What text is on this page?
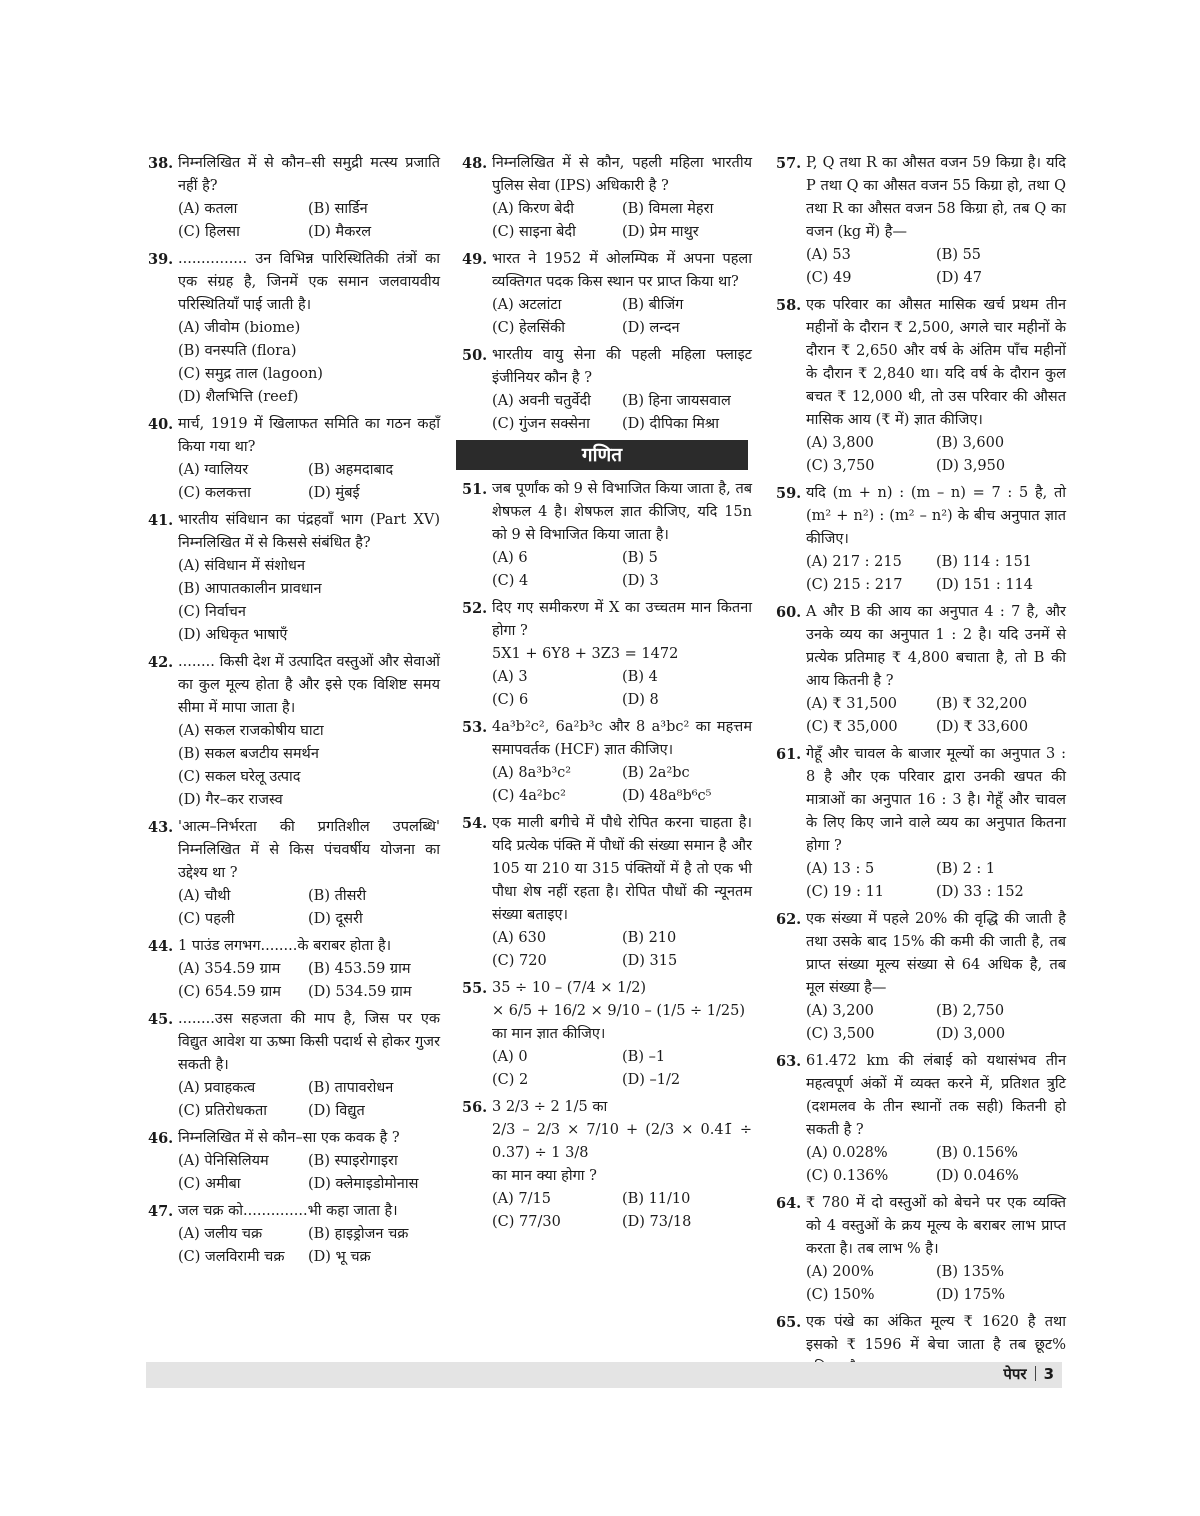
38. निम्नलिखित में से कौन–सी समुद्री मत्स्य प्रजाति नहीं है?
(A) कतला	(B) सार्डिन
(C) हिलसा	(D) मैकरल
39. ............... उन विभिन्न पारिस्थितिकी तंत्रों का एक संग्रह है, जिनमें एक समान जलवायवीय परिस्थितियाँ पाई जाती है।
(A) जीवोम (biome)
(B) वनस्पति (flora)
(C) समुद्र ताल (lagoon)
(D) शैलभित्ति (reef)
40. मार्च, 1919 में खिलाफत समिति का गठन कहाँ किया गया था?
(A) ग्वालियर	(B) अहमदाबाद
(C) कलकत्ता	(D) मुंबई
41. भारतीय संविधान का पंद्रहवाँ भाग (Part XV) निम्नलिखित में से किससे संबंधित है?
(A) संविधान में संशोधन
(B) आपातकालीन प्रावधान
(C) निर्वाचन
(D) अधिकृत भाषाएँ
42. ........ किसी देश में उत्पादित वस्तुओं और सेवाओं का कुल मूल्य होता है और इसे एक विशिष्ट समय सीमा में मापा जाता है।
(A) सकल राजकोषीय घाटा
(B) सकल बजटीय समर्थन
(C) सकल घरेलू उत्पाद
(D) गैर–कर राजस्व
43. 'आत्म–निर्भरता की प्रगतिशील उपलब्धि' निम्नलिखित में से किस पंचवर्षीय योजना का उद्देश्य था ?
(A) चौथी	(B) तीसरी
(C) पहली	(D) दूसरी
44. 1 पाउंड लगभग........के बराबर होता है।
(A) 354.59 ग्राम	(B) 453.59 ग्राम
(C) 654.59 ग्राम	(D) 534.59 ग्राम
45. ........उस सहजता की माप है, जिस पर एक विद्युत आवेश या ऊष्मा किसी पदार्थ से होकर गुजर सकती है।
(A) प्रवाहकत्व	(B) तापावरोधन
(C) प्रतिरोधकता	(D) विद्युत
46. निम्नलिखित में से कौन–सा एक कवक है ?
(A) पेनिसिलियम	(B) स्पाइरोगाइरा
(C) अमीबा	(D) क्लेमाइडोमोनास
47. जल चक्र को..............भी कहा जाता है।
(A) जलीय चक्र	(B) हाइड्रोजन चक्र
(C) जलविरामी चक्र	(D) भू चक्र
48. निम्नलिखित में से कौन, पहली महिला भारतीय पुलिस सेवा (IPS) अधिकारी है ?
(A) किरण बेदी	(B) विमला मेहरा
(C) साइना बेदी	(D) प्रेम माथुर
49. भारत ने 1952 में ओलम्पिक में अपना पहला व्यक्तिगत पदक किस स्थान पर प्राप्त किया था?
(A) अटलांटा	(B) बीजिंग
(C) हेलसिंकी	(D) लन्दन
50. भारतीय वायु सेना की पहली महिला फ्लाइट इंजीनियर कौन है ?
(A) अवनी चतुर्वेदी	(B) हिना जायसवाल
(C) गुंजन सक्सेना	(D) दीपिका मिश्रा
गणित
51. जब पूर्णांक को 9 से विभाजित किया जाता है, तब शेषफल 4 है। शेषफल ज्ञात कीजिए, यदि 15n को 9 से विभाजित किया जाता है।
(A) 6	(B) 5
(C) 4	(D) 3
52. दिए गए समीकरण में X का उच्चतम मान कितना होगा ?
5X1 + 6Y8 + 3Z3 = 1472
(A) 3	(B) 4
(C) 6	(D) 8
53. 4a³b²c², 6a²b³c और 8 a³bc² का महत्तम समापवर्तक (HCF) ज्ञात कीजिए।
(A) 8a³b³c²	(B) 2a²bc
(C) 4a²bc²	(D) 48a⁸b⁶c⁵
54. एक माली बगीचे में पौधे रोपित करना चाहता है। यदि प्रत्येक पंक्ति में पौधों की संख्या समान है और 105 या 210 या 315 पंक्तियों में है तो एक भी पौधा शेष नहीं रहता है। रोपित पौधों की न्यूनतम संख्या बताइए।
(A) 630	(B) 210
(C) 720	(D) 315
55. 35 ÷ 10 – (7/4 × 1/2)
× 6/5 + 16/2 × 9/10 – (1/5 ÷ 1/25)
का मान ज्ञात कीजिए।
(A) 0	(B) –1
(C) 2	(D) –1/2
56. 3 2/3 ÷ 2 1/5 का
2/3 – 2/3 × 7/10 + (2/3 × 0.41̄ ÷ 0.37̄) ÷ 1 3/8
का मान क्या होगा ?
(A) 7/15	(B) 11/10
(C) 77/30	(D) 73/18
57. P, Q तथा R का औसत वजन 59 किग्रा है। यदि P तथा Q का औसत वजन 55 किग्रा हो, तथा Q तथा R का औसत वजन 58 किग्रा हो, तब Q का वजन (kg में) है—
(A) 53	(B) 55
(C) 49	(D) 47
58. एक परिवार का औसत मासिक खर्च प्रथम तीन महीनों के दौरान ₹ 2,500, अगले चार महीनों के दौरान ₹ 2,650 और वर्ष के अंतिम पाँच महीनों के दौरान ₹ 2,840 था। यदि वर्ष के दौरान कुल बचत ₹ 12,000 थी, तो उस परिवार की औसत मासिक आय (₹ में) ज्ञात कीजिए।
(A) 3,800	(B) 3,600
(C) 3,750	(D) 3,950
59. यदि (m + n) : (m – n) = 7 : 5 है, तो (m² + n²) : (m² – n²) के बीच अनुपात ज्ञात कीजिए।
(A) 217 : 215	(B) 114 : 151
(C) 215 : 217	(D) 151 : 114
60. A और B की आय का अनुपात 4 : 7 है, और उनके व्यय का अनुपात 1 : 2 है। यदि उनमें से प्रत्येक प्रतिमाह ₹ 4,800 बचाता है, तो B की आय कितनी है ?
(A) ₹ 31,500	(B) ₹ 32,200
(C) ₹ 35,000	(D) ₹ 33,600
61. गेहूँ और चावल के बाजार मूल्यों का अनुपात 3 : 8 है और एक परिवार द्वारा उनकी खपत की मात्राओं का अनुपात 16 : 3 है। गेहूँ और चावल के लिए किए जाने वाले व्यय का अनुपात कितना होगा ?
(A) 13 : 5	(B) 2 : 1
(C) 19 : 11	(D) 33 : 152
62. एक संख्या में पहले 20% की वृद्धि की जाती है तथा उसके बाद 15% की कमी की जाती है, तब प्राप्त संख्या मूल्य संख्या से 64 अधिक है, तब मूल संख्या है—
(A) 3,200	(B) 2,750
(C) 3,500	(D) 3,000
63. 61.472 km की लंबाई को यथासंभव तीन महत्वपूर्ण अंकों में व्यक्त करने में, प्रतिशत त्रुटि (दशमलव के तीन स्थानों तक सही) कितनी हो सकती है ?
(A) 0.028%	(B) 0.156%
(C) 0.136%	(D) 0.046%
64. ₹ 780 में दो वस्तुओं को बेचने पर एक व्यक्ति को 4 वस्तुओं के क्रय मूल्य के बराबर लाभ प्राप्त करता है। तब लाभ % है।
(A) 200%	(B) 135%
(C) 150%	(D) 175%
65. एक पंखे का अंकित मूल्य ₹ 1620 है तथा इसको ₹ 1596 में बेचा जाता है तब छूट%
पेपर 3
